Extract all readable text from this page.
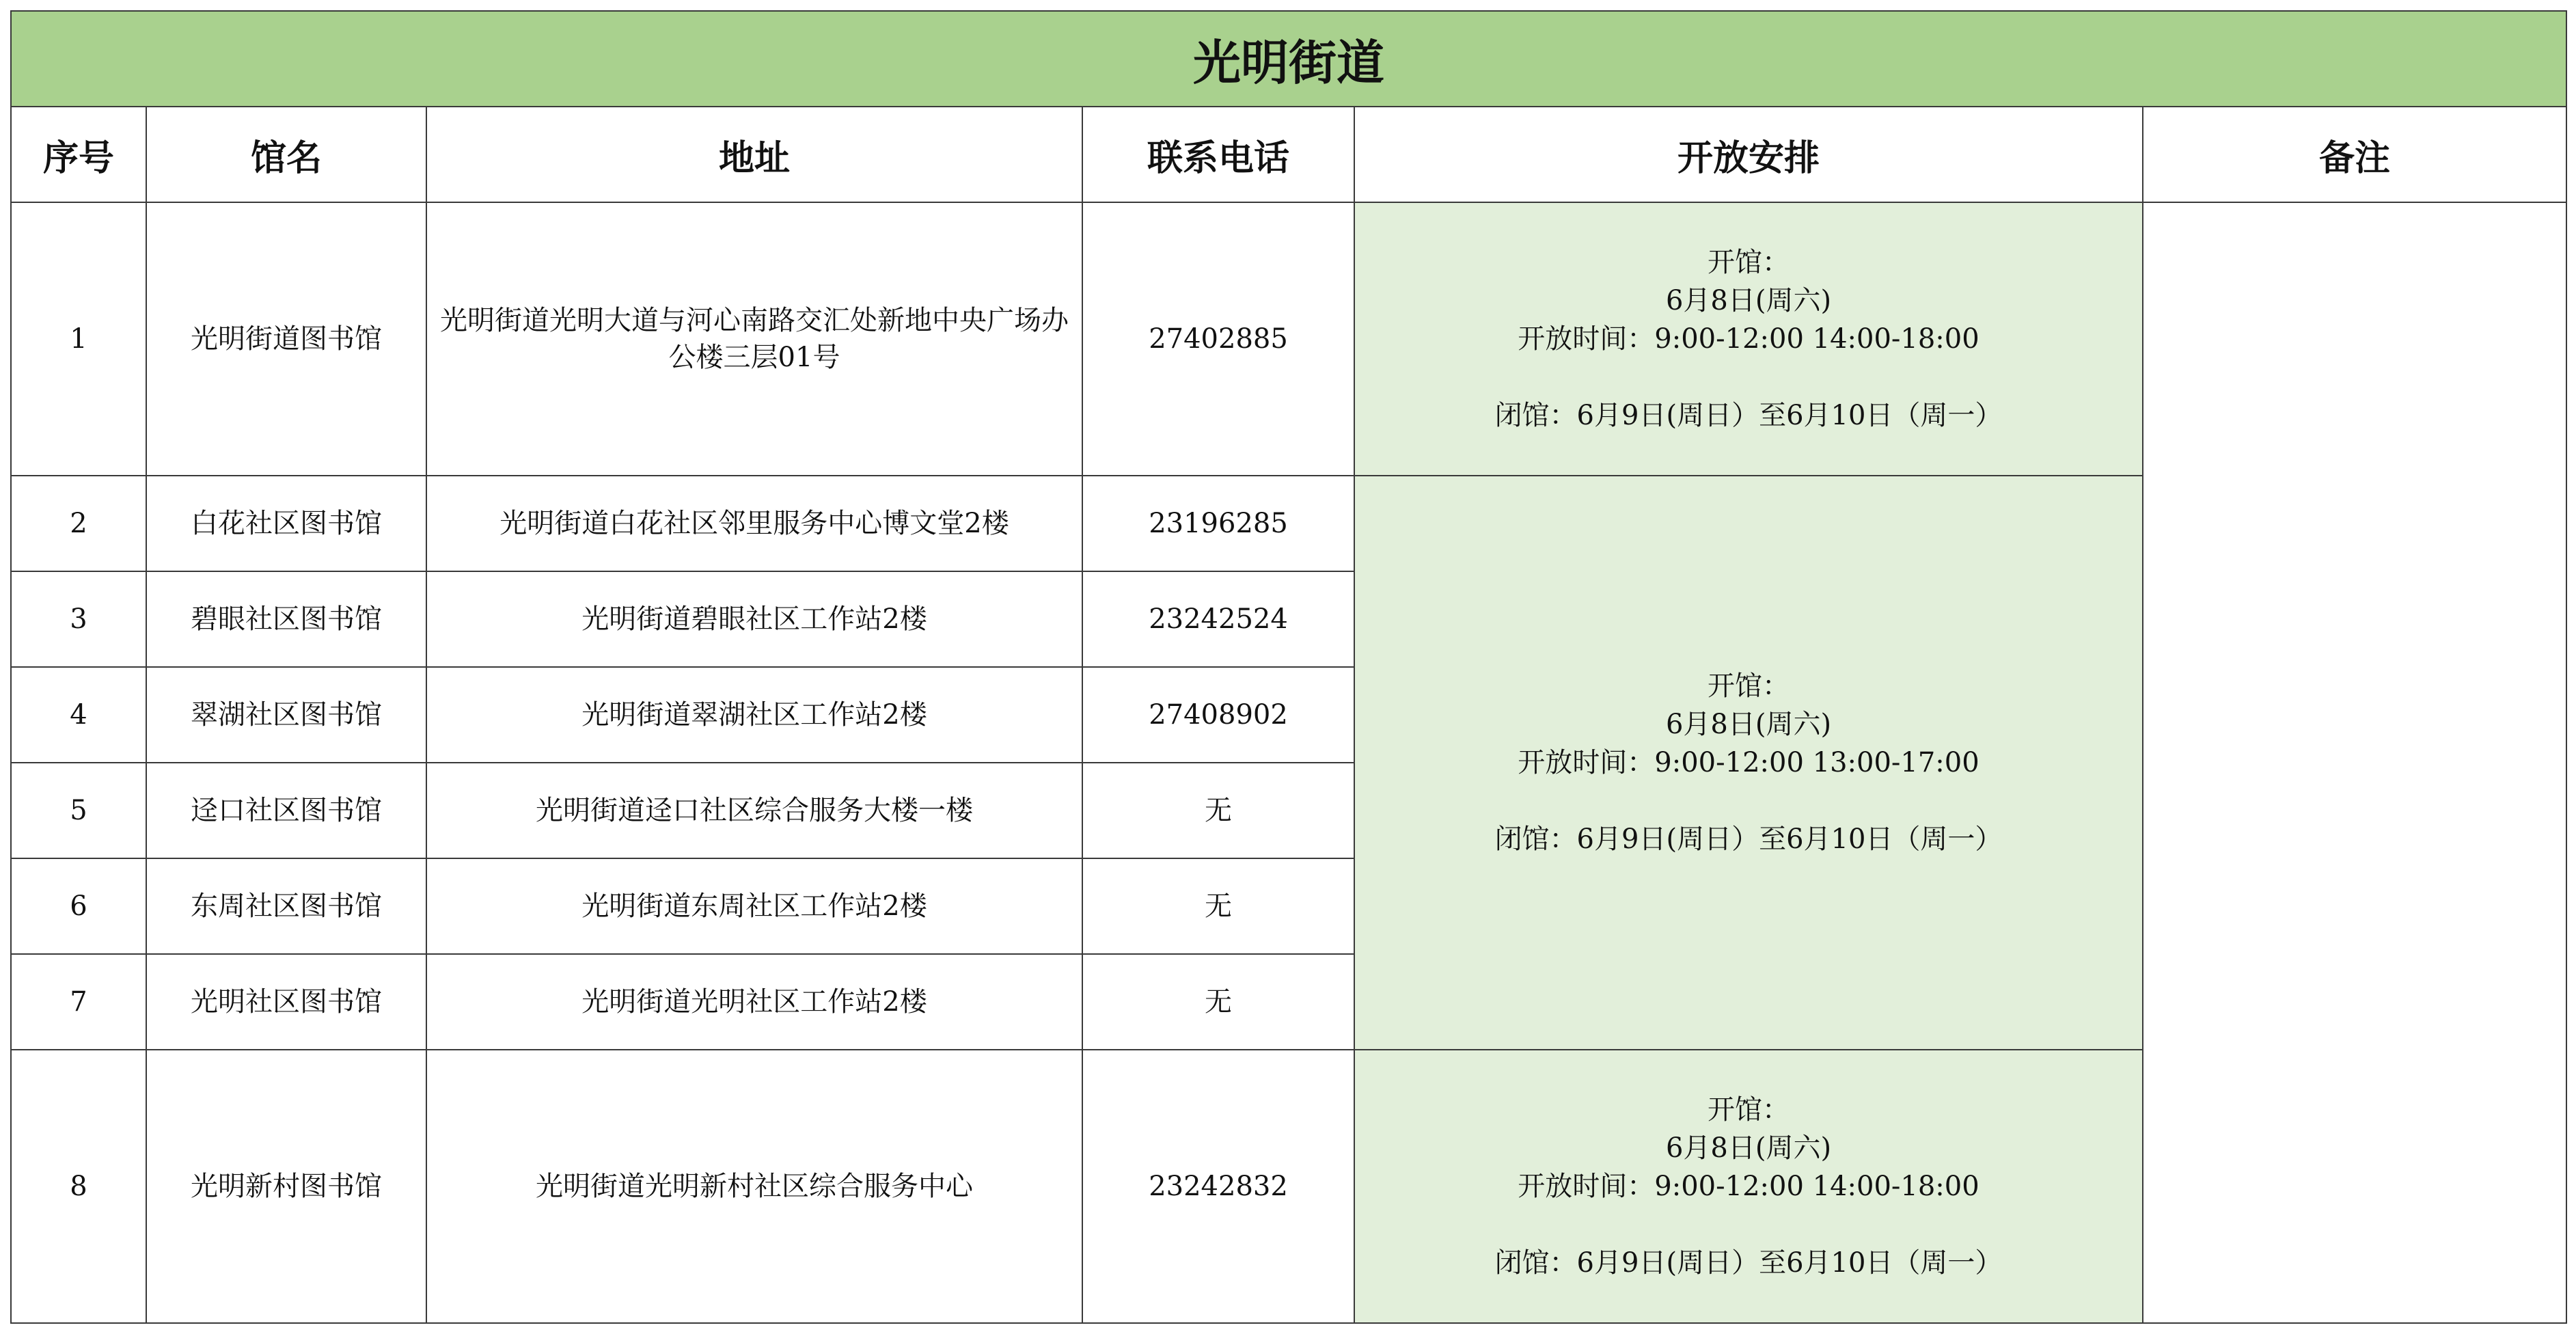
光明街道					
序号	馆名	地址	联系电话	开放安排	备注
1	光明街道图书馆	光明街道光明大道与河心南路交汇处新地中央广场办公楼三层01号	27402885	开馆：
6月8日(周六)
开放时间：9:00-12:00 14:00-18:00
闭馆：6月9日(周日）至6月10日（周一）	

2	白花社区图书馆	光明街道白花社区邻里服务中心博文堂2楼	23196285	开馆：
6月8日(周六)
开放时间：9:00-12:00 13:00-17:00
闭馆：6月9日(周日）至6月10日（周一）	

3	碧眼社区图书馆	光明街道碧眼社区工作站2楼	23242524		
4	翠湖社区图书馆	光明街道翠湖社区工作站2楼	27408902		
5	迳口社区图书馆	光明街道迳口社区综合服务大楼一楼	无		
6	东周社区图书馆	光明街道东周社区工作站2楼	无		
7	光明社区图书馆	光明街道光明社区工作站2楼	无		
8	光明新村图书馆	光明街道光明新村社区综合服务中心	23242832	开馆：
6月8日(周六)
开放时间：9:00-12:00 14:00-18:00
闭馆：6月9日(周日）至6月10日（周一）	
